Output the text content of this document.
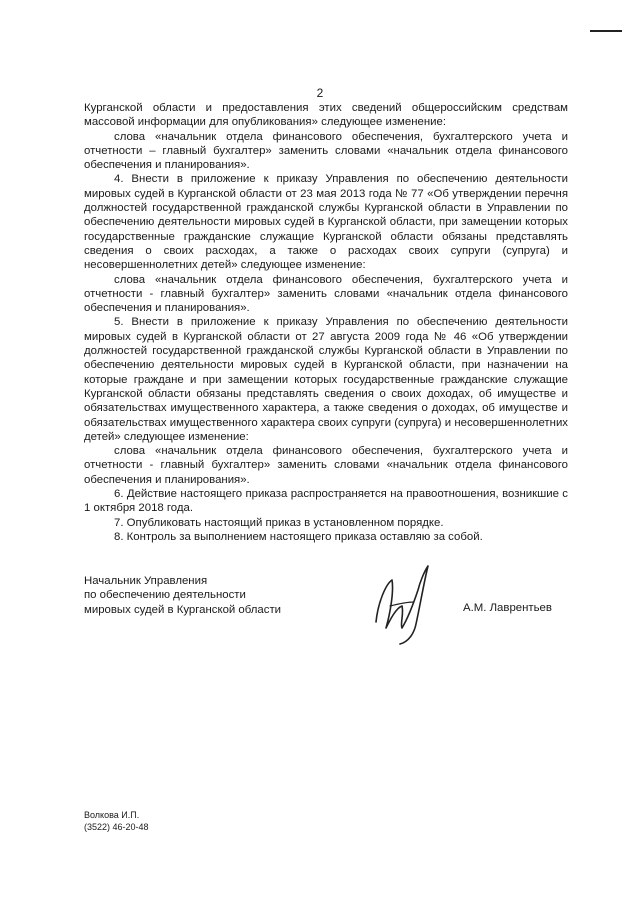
2

Курганской области и предоставления этих сведений общероссийским средствам массовой информации для опубликования» следующее изменение:

слова «начальник отдела финансового обеспечения, бухгалтерского учета и отчетности – главный бухгалтер» заменить словами «начальник отдела финансового обеспечения и планирования».

4. Внести в приложение к приказу Управления по обеспечению деятельности мировых судей в Курганской области от 23 мая 2013 года № 77 «Об утверждении перечня должностей государственной гражданской службы Курганской области в Управлении по обеспечению деятельности мировых судей в Курганской области, при замещении которых государственные гражданские служащие Курганской области обязаны представлять сведения о своих расходах, а также о расходах своих супруги (супруга) и несовершеннолетних детей» следующее изменение:

слова «начальник отдела финансового обеспечения, бухгалтерского учета и отчетности - главный бухгалтер» заменить словами «начальник отдела финансового обеспечения и планирования».

5. Внести в приложение к приказу Управления по обеспечению деятельности мировых судей в Курганской области от 27 августа 2009 года № 46 «Об утверждении должностей государственной гражданской службы Курганской области в Управлении по обеспечению деятельности мировых судей в Курганской области, при назначении на которые граждане и при замещении которых государственные гражданские служащие Курганской области обязаны представлять сведения о своих доходах, об имуществе и обязательствах имущественного характера, а также сведения о доходах, об имуществе и обязательствах имущественного характера своих супруги (супруга) и несовершеннолетних детей» следующее изменение:

слова «начальник отдела финансового обеспечения, бухгалтерского учета и отчетности - главный бухгалтер» заменить словами «начальник отдела финансового обеспечения и планирования».

6. Действие настоящего приказа распространяется на правоотношения, возникшие с 1 октября 2018 года.

7. Опубликовать настоящий приказ в установленном порядке.

8. Контроль за выполнением настоящего приказа оставляю за собой.

Начальник Управления
по обеспечению деятельности
мировых судей в Курганской области	А.М. Лаврентьев
Волкова И.П.
(3522) 46-20-48
